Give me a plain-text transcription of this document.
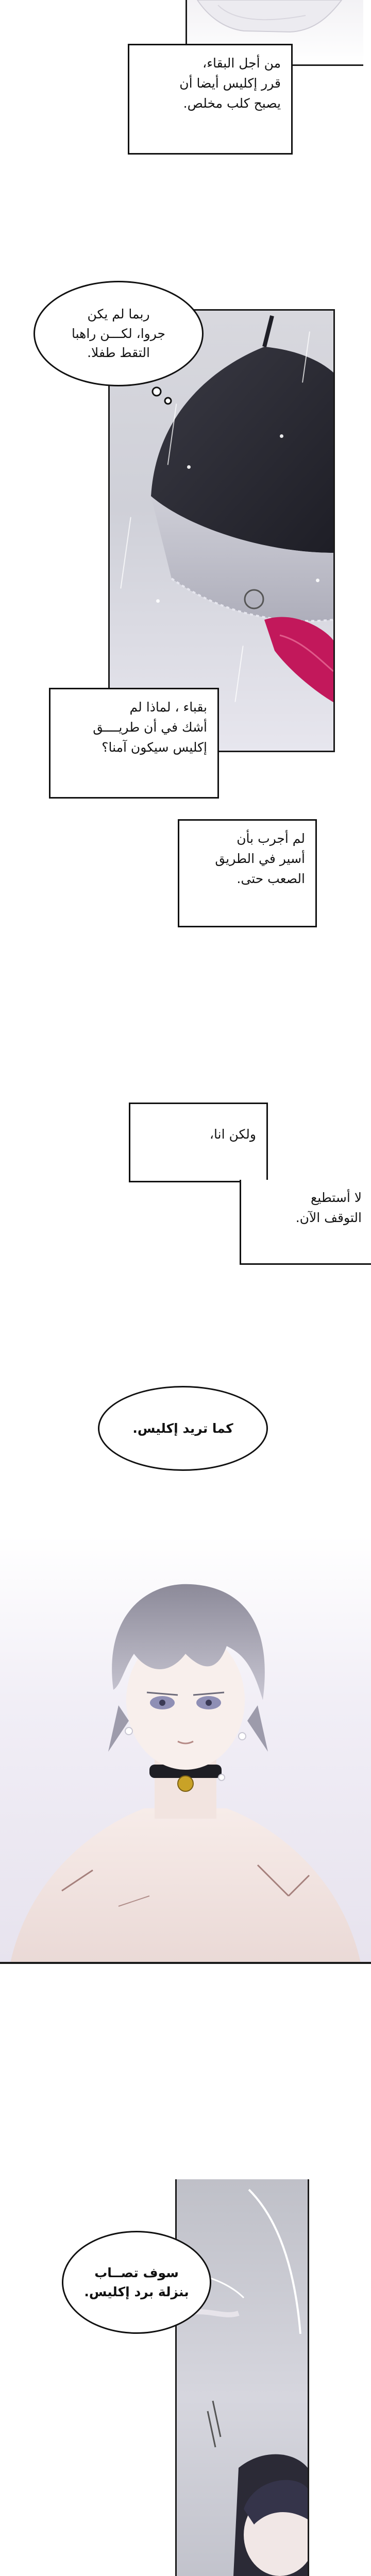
من أجل البقاء،
قرر إكليس أيضا أن
يصبح كلب مخلص.
ربما لم يكن
جروا، لكـــن راهبا
التقط طفلا.
بقباء ، لماذا لم
أشك في أن طريــــق
إكليس سيكون آمنا؟
لم أجرب بأن
أسير في الطريق
الصعب حتى.
ولكن انا،
لا أستطيع
التوقف الآن.
كما تريد إكليس.
سوف تصــاب
بنزلة برد إكليس.
